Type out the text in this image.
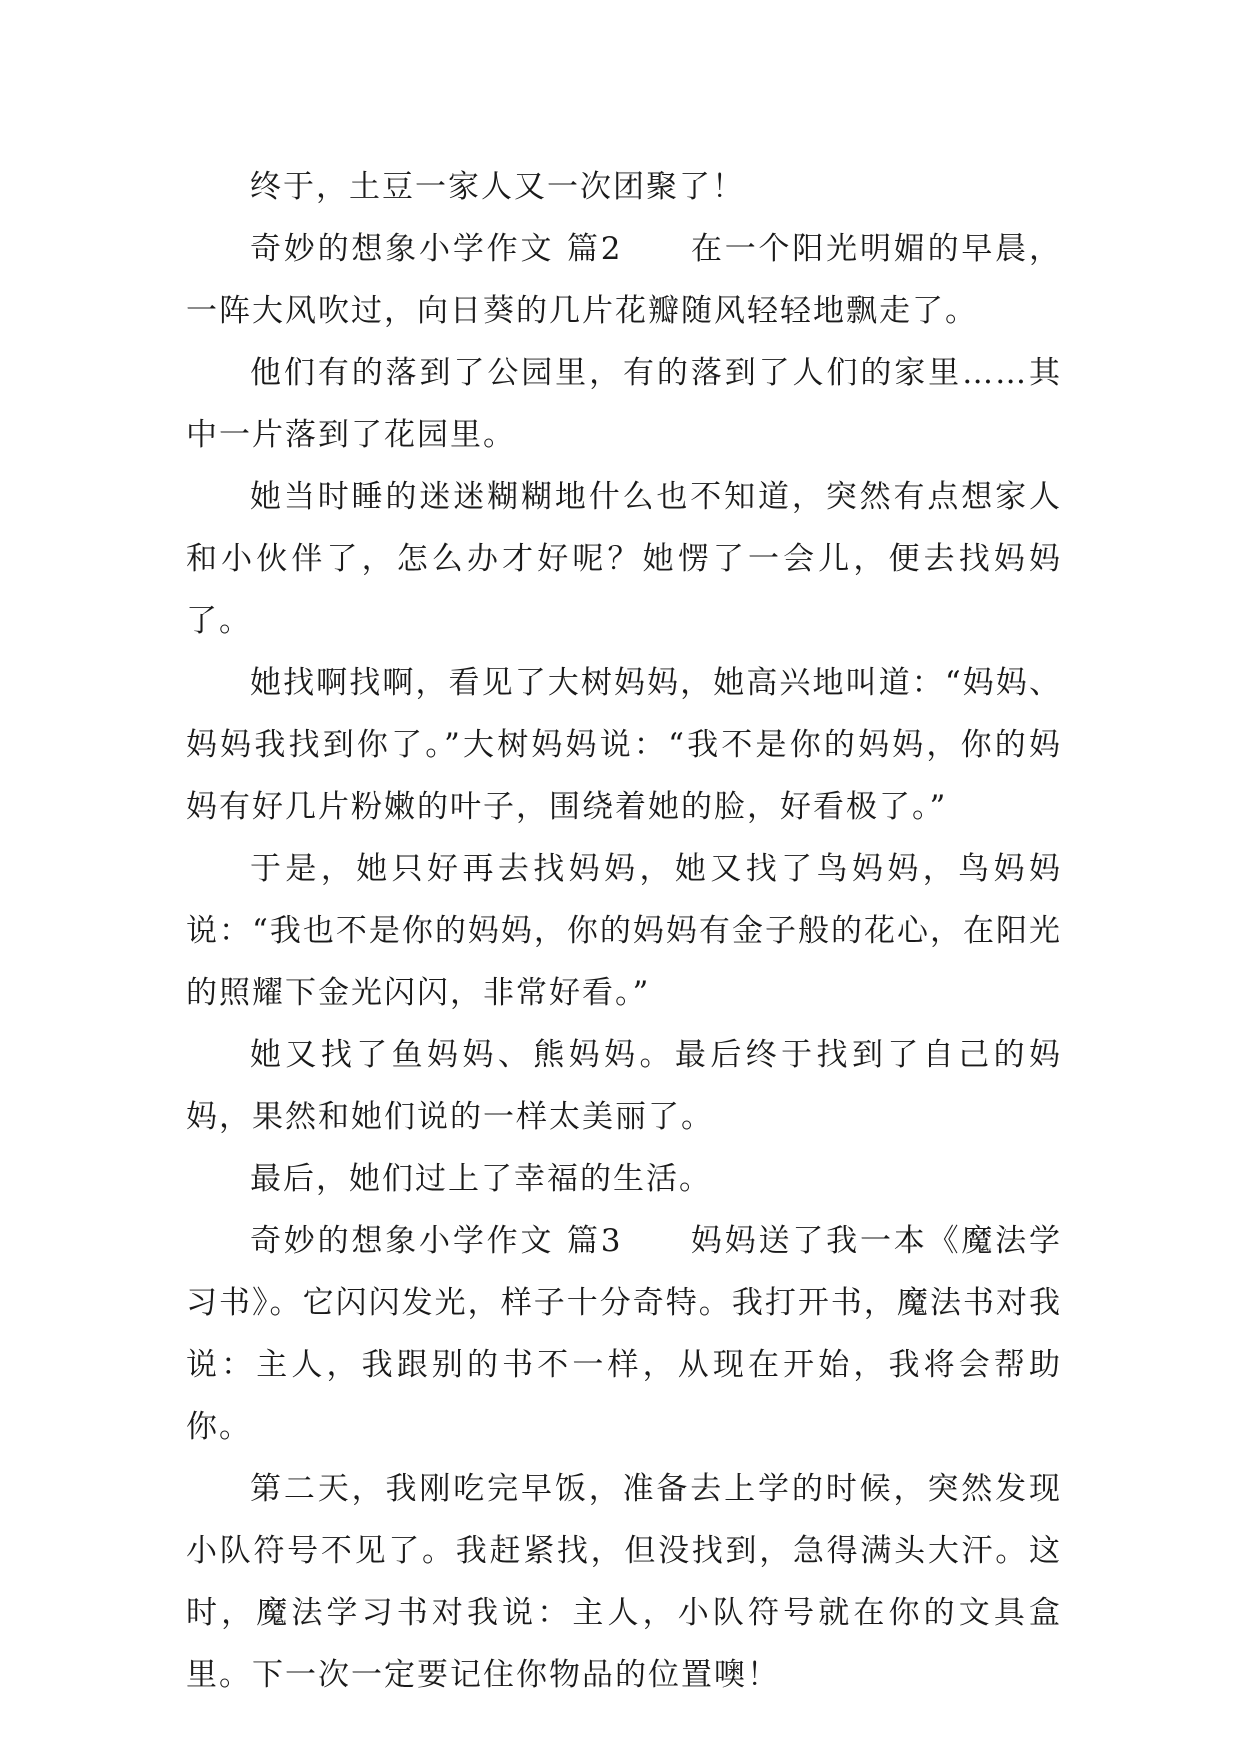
终于，土豆一家人又一次团聚了！

奇妙的想象小学作文 篇2　　在一个阳光明媚的早晨，一阵大风吹过，向日葵的几片花瓣随风轻轻地飘走了。

他们有的落到了公园里，有的落到了人们的家里……其中一片落到了花园里。

她当时睡的迷迷糊糊地什么也不知道，突然有点想家人和小伙伴了，怎么办才好呢？她愣了一会儿，便去找妈妈了。

她找啊找啊，看见了大树妈妈，她高兴地叫道：“妈妈、妈妈我找到你了。”大树妈妈说：“我不是你的妈妈，你的妈妈有好几片粉嫩的叶子，围绕着她的脸，好看极了。”

于是，她只好再去找妈妈，她又找了鸟妈妈，鸟妈妈说：“我也不是你的妈妈，你的妈妈有金子般的花心，在阳光的照耀下金光闪闪，非常好看。”

她又找了鱼妈妈、熊妈妈。最后终于找到了自己的妈妈，果然和她们说的一样太美丽了。

最后，她们过上了幸福的生活。

奇妙的想象小学作文 篇3　　妈妈送了我一本《魔法学习书》。它闪闪发光，样子十分奇特。我打开书，魔法书对我说：主人，我跟别的书不一样，从现在开始，我将会帮助你。

第二天，我刚吃完早饭，准备去上学的时候，突然发现小队符号不见了。我赶紧找，但没找到，急得满头大汗。这时，魔法学习书对我说：主人，小队符号就在你的文具盒里。下一次一定要记住你物品的位置噢！
